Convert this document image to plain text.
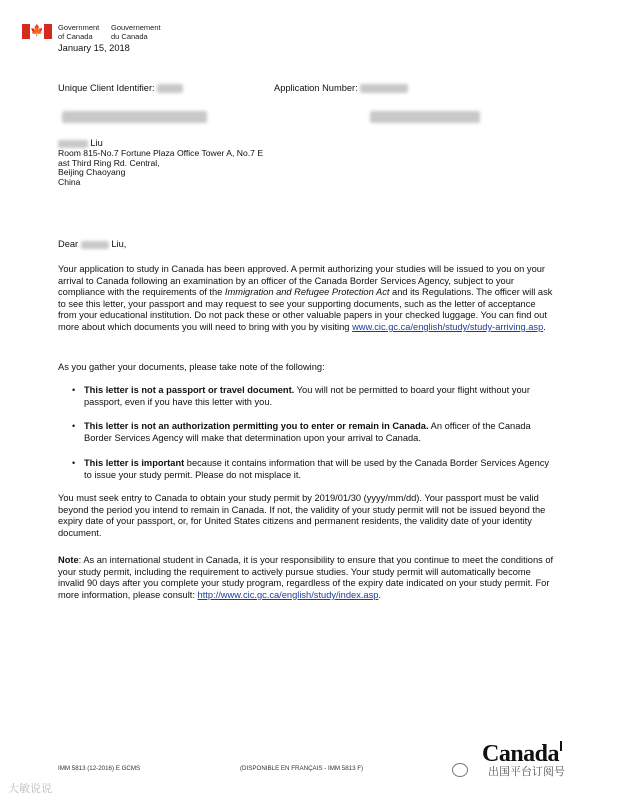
🍁 Government
of Canada
Gouvernement
du Canada
January 15, 2018
Unique Client Identifier:	Application Number:
Liu
Room 815-No.7 Fortune Plaza Office Tower A, No.7 E
ast Third Ring Rd. Central,
Beijing Chaoyang
China
Dear	Liu,
Your application to study in Canada has been approved. A permit authorizing your studies will be issued to you on your arrival to Canada following an examination by an officer of the Canada Border Services Agency, subject to your compliance with the requirements of the Immigration and Refugee Protection Act and its Regulations. The officer will ask to see this letter, your passport and may request to see your supporting documents, such as the letter of acceptance from your educational institution. Do not pack these or other valuable papers in your checked luggage. You can find out more about which documents you will need to bring with you by visiting www.cic.gc.ca/english/study/study-arriving.asp.
As you gather your documents, please take note of the following:
• This letter is not a passport or travel document. You will not be permitted to board your flight without your passport, even if you have this letter with you.
• This letter is not an authorization permitting you to enter or remain in Canada. An officer of the Canada Border Services Agency will make that determination upon your arrival to Canada.
• This letter is important because it contains information that will be used by the Canada Border Services Agency to issue your study permit. Please do not misplace it.
You must seek entry to Canada to obtain your study permit by 2019/01/30 (yyyy/mm/dd). Your passport must be valid beyond the period you intend to remain in Canada. If not, the validity of your study permit will not be issued beyond the expiry date of your passport, or, for United States citizens and permanent residents, the validity date of your identity document.
Note: As an international student in Canada, it is your responsibility to ensure that you continue to meet the conditions of your study permit, including the requirement to actively pursue studies. Your study permit will automatically become invalid 90 days after you complete your study program, regardless of the expiry date indicated on your study permit. For more information, please consult: http://www.cic.gc.ca/english/study/index.asp.
IMM 5813 (12-2016) E GCMS	(DISPONIBLE EN FRANÇAIS - IMM 5813 F)
Canada
大敏说说
出国平台订阅号
